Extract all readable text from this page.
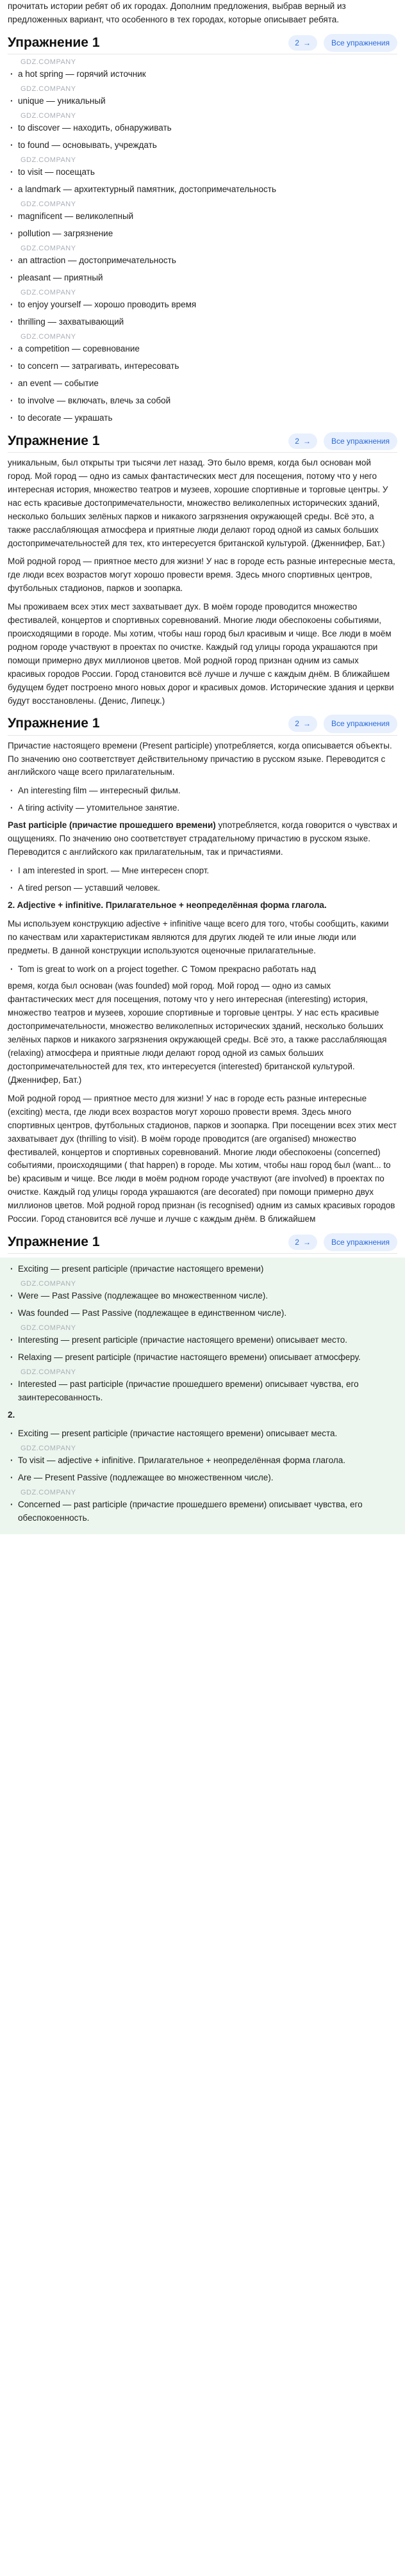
прочитать истории ребят об их городах. Дополним предложения, выбрав верный из предложенных вариант, что особенного в тех городах, которые описывает ребята.

Упражнение 1	2 →	Все упражнения
GDZ.COMPANY
· a hot spring — горячий источник
GDZ.COMPANY
· unique — уникальный
GDZ.COMPANY
· to discover — находить, обнаруживать
· to found — основывать, учреждать
GDZ.COMPANY
· to visit — посещать
· a landmark — архитектурный памятник, достопримечательность
GDZ.COMPANY
· magnificent — великолепный
· pollution — загрязнение
GDZ.COMPANY
· an attraction — достопримечательность
· pleasant — приятный
GDZ.COMPANY
· to enjoy yourself — хорошо проводить время
· thrilling — захватывающий
GDZ.COMPANY
· a competition — соревнование
· to concern — затрагивать, интересовать
· an event — событие
· to involve — включать, влечь за собой
· to decorate — украшать
Упражнение 1	2 →	Все упражнения

уникальным, был открыты три тысячи лет назад. Это было время, когда был основан мой город. Мой город — одно из самых фантастических мест для посещения, потому что у него интересная история, множество театров и музеев, хорошие спортивные и торговые центры. У нас есть красивые достопримечательности, множество великолепных исторических зданий, несколько больших зелёных парков и никакого загрязнения окружающей среды. Всё это, а также расслабляющая атмосфера и приятные люди делают город одной из самых больших достопримечательностей для тех, кто интересуется британской культурой. (Дженнифер, Бат.)

Мой родной город — приятное место для жизни! У нас в городе есть разные интересные места, где люди всех возрастов могут хорошо провести время. Здесь много спортивных центров, футбольных стадионов, парков и зоопарка.

Мы проживаем всех этих мест захватывает дух. В моём городе проводится множество фестивалей, концертов и спортивных соревнований. Многие люди обеспокоены событиями, происходящими в городе. Мы хотим, чтобы наш город был красивым и чище. Все люди в моём родном городе участвуют в проектах по очистке. Каждый год улицы города украшаются при помощи примерно двух миллионов цветов. Мой родной город признан одним из самых красивых городов России. Город становится всё лучше и лучше с каждым днём. В ближайшем будущем будет построено много новых дорог и красивых домов. Исторические здания и церкви будут восстановлены. (Денис, Липецк.)

Упражнение 1	2 →	Все упражнения

Причастие настоящего времени (Present participle) употребляется, когда описывается объекты. По значению оно соответствует действительному причастию в русском языке. Переводится с английского чаще всего прилагательным.

· An interesting film — интересный фильм.
· A tiring activity — утомительное занятие.

Past participle (причастие прошедшего времени) употребляется, когда говорится о чувствах и ощущениях. По значению оно соответствует страдательному причастию в русском языке. Переводится с английского как прилагательным, так и причастиями.

· I am interested in sport. — Мне интересен спорт.
· A tired person — уставший человек.

2. Adjective + infinitive. Прилагательное + неопределённая форма глагола.

Мы используем конструкцию adjective + infinitive чаще всего для того, чтобы сообщить, какими по качествам или характеристикам являются для других людей те или иные люди или предметы. В данной конструкции используются оценочные прилагательные.

· Tom is great to work on a project together. С Томом прекрасно работать над

время, когда был основан (was founded) мой город. Мой город — одно из самых фантастических мест для посещения, потому что у него интересная (interesting) история, множество театров и музеев, хорошие спортивные и торговые центры. У нас есть красивые достопримечательности, множество великолепных исторических зданий, несколько больших зелёных парков и никакого загрязнения окружающей среды. Всё это, а также расслабляющая (relaxing) атмосфера и приятные люди делают город одной из самых больших достопримечательностей для тех, кто интересуется (interested) британской культурой. (Дженнифер, Бат.)

Мой родной город — приятное место для жизни! У нас в городе есть разные интересные (exciting) места, где люди всех возрастов могут хорошо провести время. Здесь много спортивных центров, футбольных стадионов, парков и зоопарка. При посещении всех этих мест захватывает дух (thrilling to visit). В моём городе проводится (are organised) множество фестивалей, концертов и спортивных соревнований. Многие люди обеспокоены (concerned) событиями, происходящими ( that happen) в городе. Мы хотим, чтобы наш город был (want... to be) красивым и чище. Все люди в моём родном городе участвуют (are involved) в проектах по очистке. Каждый год улицы города украшаются (are decorated) при помощи примерно двух миллионов цветов. Мой родной город признан (is recognised) одним из самых красивых городов России. Город становится всё лучше и лучше с каждым днём. В ближайшем

Упражнение 1	2 →	Все упражнения
· Exciting — present participle (причастие настоящего времени)
GDZ.COMPANY
· Were — Past Passive (подлежащее во множественном числе).
· Was founded — Past Passive (подлежащее в единственном числе).
GDZ.COMPANY
· Interesting — present participle (причастие настоящего времени) описывает место.
· Relaxing — present participle (причастие настоящего времени) описывает атмосферу.
GDZ.COMPANY
· Interested — past participle (причастие прошедшего времени) описывает чувства, его заинтересованность.

2.

· Exciting — present participle (причастие настоящего времени) описывает места.
GDZ.COMPANY
· To visit — adjective + infinitive. Прилагательное + неопределённая форма глагола.
· Are — Present Passive (подлежащее во множественном числе).
GDZ.COMPANY
· Concerned — past participle (причастие прошедшего времени) описывает чувства, его обеспокоенность.
